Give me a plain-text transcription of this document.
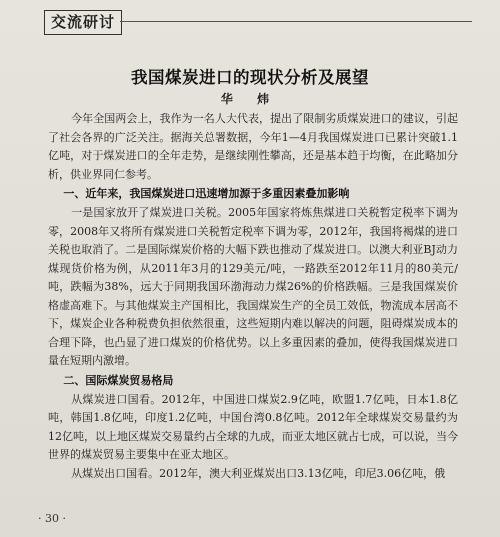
交流研讨
我国煤炭进口的现状分析及展望
华 炜

今年全国两会上，我作为一名人大代表，提出了限制劣质煤炭进口的建议，引起了社会各界的广泛关注。据海关总署数据，今年1—4月我国煤炭进口已累计突破1.1亿吨，对于煤炭进口的全年走势，是继续刚性攀高，还是基本趋于均衡，在此略加分析，供业界同仁参考。

一、近年来，我国煤炭进口迅速增加源于多重因素叠加影响

一是国家放开了煤炭进口关税。2005年国家将炼焦煤进口关税暂定税率下调为零，2008年又将所有煤炭进口关税暂定税率下调为零，2012年，我国将褐煤的进口关税也取消了。二是国际煤炭价格的大幅下跌也推动了煤炭进口。以澳大利亚BJ动力煤现货价格为例，从2011年3月的129美元/吨，一路跌至2012年11月的80美元/吨，跌幅为38%，远大于同期我国环渤海动力煤26%的价格跌幅。三是我国煤炭价格虚高难下。与其他煤炭主产国相比，我国煤炭生产的全员工效低，物流成本居高不下，煤炭企业各种税费负担依然很重，这些短期内难以解决的问题，阻碍煤炭成本的合理下降，也凸显了进口煤炭的价格优势。以上多重因素的叠加，使得我国煤炭进口量在短期内激增。

二、国际煤炭贸易格局

从煤炭进口国看。2012年，中国进口煤炭2.9亿吨，欧盟1.7亿吨，日本1.8亿吨，韩国1.8亿吨，印度1.2亿吨，中国台湾0.8亿吨。2012年全球煤炭交易量约为12亿吨，以上地区煤炭交易量约占全球的九成，而亚太地区就占七成，可以说，当今世界的煤炭贸易主要集中在亚太地区。

从煤炭出口国看。2012年，澳大利亚煤炭出口3.13亿吨，印尼3.06亿吨，俄

· 30 ·
